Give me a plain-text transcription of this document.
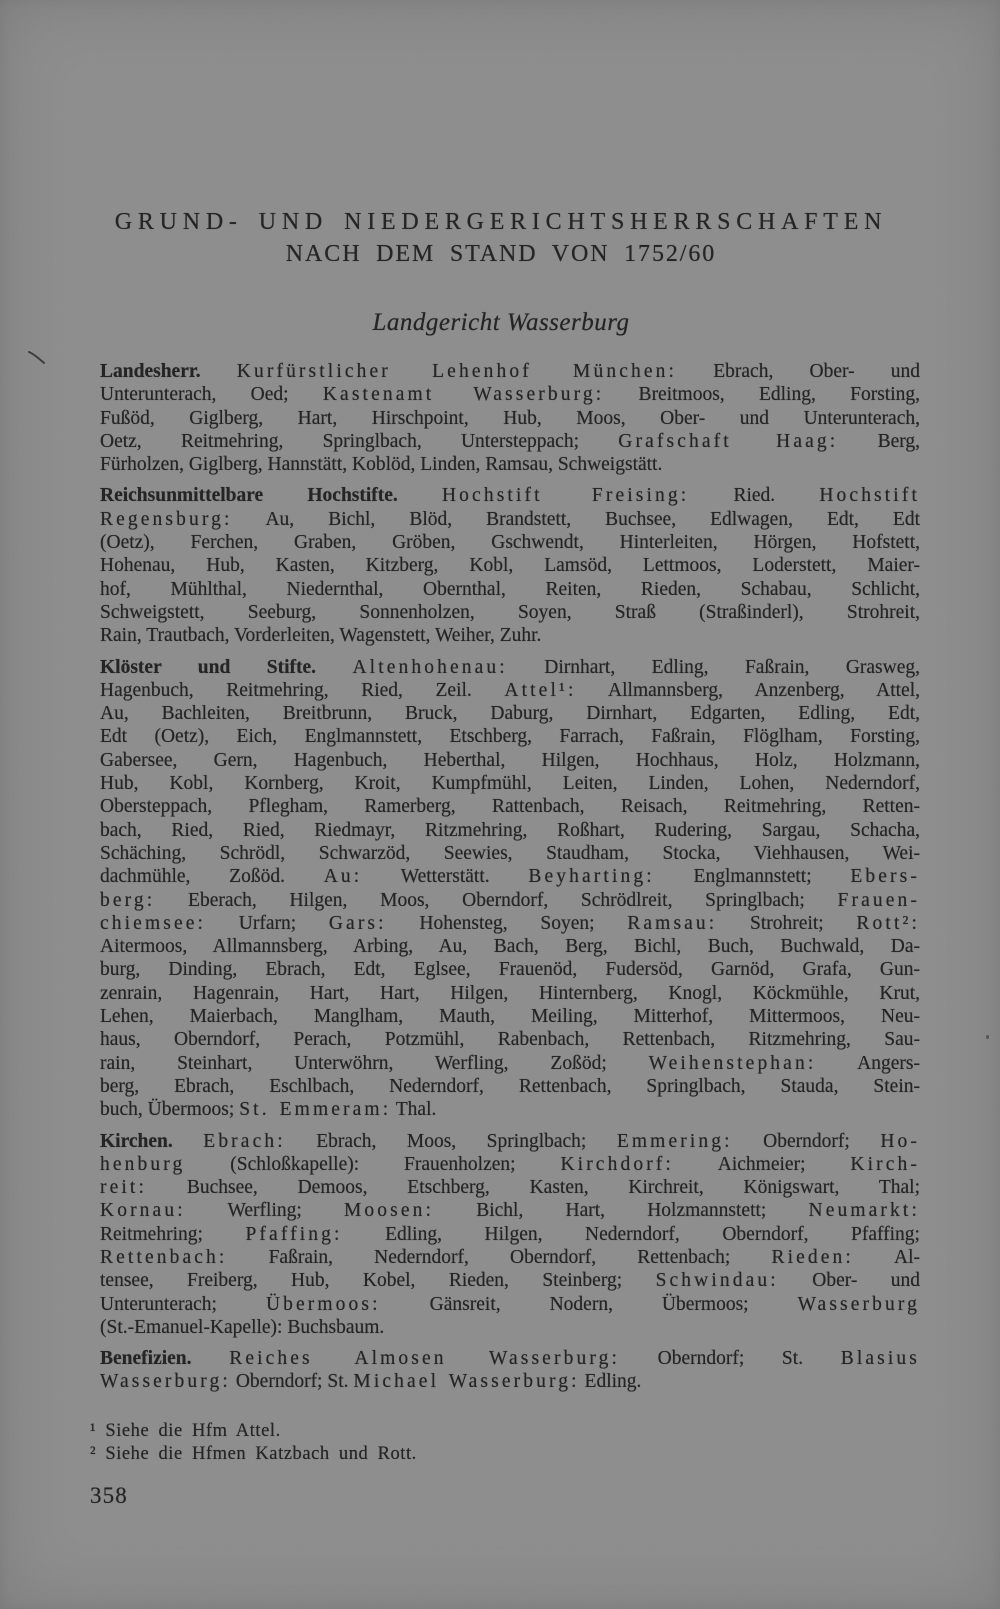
GRUND- UND NIEDERGERICHTSHERRSCHAFTEN
NACH DEM STAND VON 1752/60
Landgericht Wasserburg
Landesherr. Kurfürstlicher Lehenhof München: Ebrach, Ober- und
Unterunterach, Oed; Kastenamt Wasserburg: Breitmoos, Edling, Forsting,
Fußöd, Giglberg, Hart, Hirschpoint, Hub, Moos, Ober- und Unterunterach,
Oetz, Reitmehring, Springlbach, Untersteppach; Grafschaft Haag: Berg,
Fürholzen, Giglberg, Hannstätt, Koblöd, Linden, Ramsau, Schweigstätt.
Reichsunmittelbare Hochstifte. Hochstift Freising: Ried. Hochstift
Regensburg: Au, Bichl, Blöd, Brandstett, Buchsee, Edlwagen, Edt, Edt
(Oetz), Ferchen, Graben, Gröben, Gschwendt, Hinterleiten, Hörgen, Hofstett,
Hohenau, Hub, Kasten, Kitzberg, Kobl, Lamsöd, Lettmoos, Loderstett, Maier-
hof, Mühlthal, Niedernthal, Obernthal, Reiten, Rieden, Schabau, Schlicht,
Schweigstett, Seeburg, Sonnenholzen, Soyen, Straß (Straßinderl), Strohreit,
Rain, Trautbach, Vorderleiten, Wagenstett, Weiher, Zuhr.
Klöster und Stifte. Altenhohenau: Dirnhart, Edling, Faßrain, Grasweg,
Hagenbuch, Reitmehring, Ried, Zeil. Attel¹: Allmannsberg, Anzenberg, Attel,
Au, Bachleiten, Breitbrunn, Bruck, Daburg, Dirnhart, Edgarten, Edling, Edt,
Edt (Oetz), Eich, Englmannstett, Etschberg, Farrach, Faßrain, Flöglham, Forsting,
Gabersee, Gern, Hagenbuch, Heberthal, Hilgen, Hochhaus, Holz, Holzmann,
Hub, Kobl, Kornberg, Kroit, Kumpfmühl, Leiten, Linden, Lohen, Nederndorf,
Obersteppach, Pflegham, Ramerberg, Rattenbach, Reisach, Reitmehring, Retten-
bach, Ried, Ried, Riedmayr, Ritzmehring, Roßhart, Rudering, Sargau, Schacha,
Schäching, Schrödl, Schwarzöd, Seewies, Staudham, Stocka, Viehhausen, Wei-
dachmühle, Zoßöd. Au: Wetterstätt. Beyharting: Englmannstett; Ebers-
berg: Eberach, Hilgen, Moos, Oberndorf, Schrödlreit, Springlbach; Frauen-
chiemsee: Urfarn; Gars: Hohensteg, Soyen; Ramsau: Strohreit; Rott²:
Aitermoos, Allmannsberg, Arbing, Au, Bach, Berg, Bichl, Buch, Buchwald, Da-
burg, Dinding, Ebrach, Edt, Eglsee, Frauenöd, Fudersöd, Garnöd, Grafa, Gun-
zenrain, Hagenrain, Hart, Hart, Hilgen, Hinternberg, Knogl, Köckmühle, Krut,
Lehen, Maierbach, Manglham, Mauth, Meiling, Mitterhof, Mittermoos, Neu-
haus, Oberndorf, Perach, Potzmühl, Rabenbach, Rettenbach, Ritzmehring, Sau-
rain, Steinhart, Unterwöhrn, Werfling, Zoßöd; Weihenstephan: Angers-
berg, Ebrach, Eschlbach, Nederndorf, Rettenbach, Springlbach, Stauda, Stein-
buch, Übermoos; St. Emmeram: Thal.
Kirchen. Ebrach: Ebrach, Moos, Springlbach; Emmering: Oberndorf; Ho-
henburg (Schloßkapelle): Frauenholzen; Kirchdorf: Aichmeier; Kirch-
reit: Buchsee, Demoos, Etschberg, Kasten, Kirchreit, Königswart, Thal;
Kornau: Werfling; Moosen: Bichl, Hart, Holzmannstett; Neumarkt:
Reitmehring; Pfaffing: Edling, Hilgen, Nederndorf, Oberndorf, Pfaffing;
Rettenbach: Faßrain, Nederndorf, Oberndorf, Rettenbach; Rieden: Al-
tensee, Freiberg, Hub, Kobel, Rieden, Steinberg; Schwindau: Ober- und
Unterunterach; Übermoos: Gänsreit, Nodern, Übermoos; Wasserburg
(St.-Emanuel-Kapelle): Buchsbaum.
Benefizien. Reiches Almosen Wasserburg: Oberndorf; St. Blasius
Wasserburg: Oberndorf; St. Michael Wasserburg: Edling.
¹ Siehe die Hfm Attel.
² Siehe die Hfmen Katzbach und Rott.
358
